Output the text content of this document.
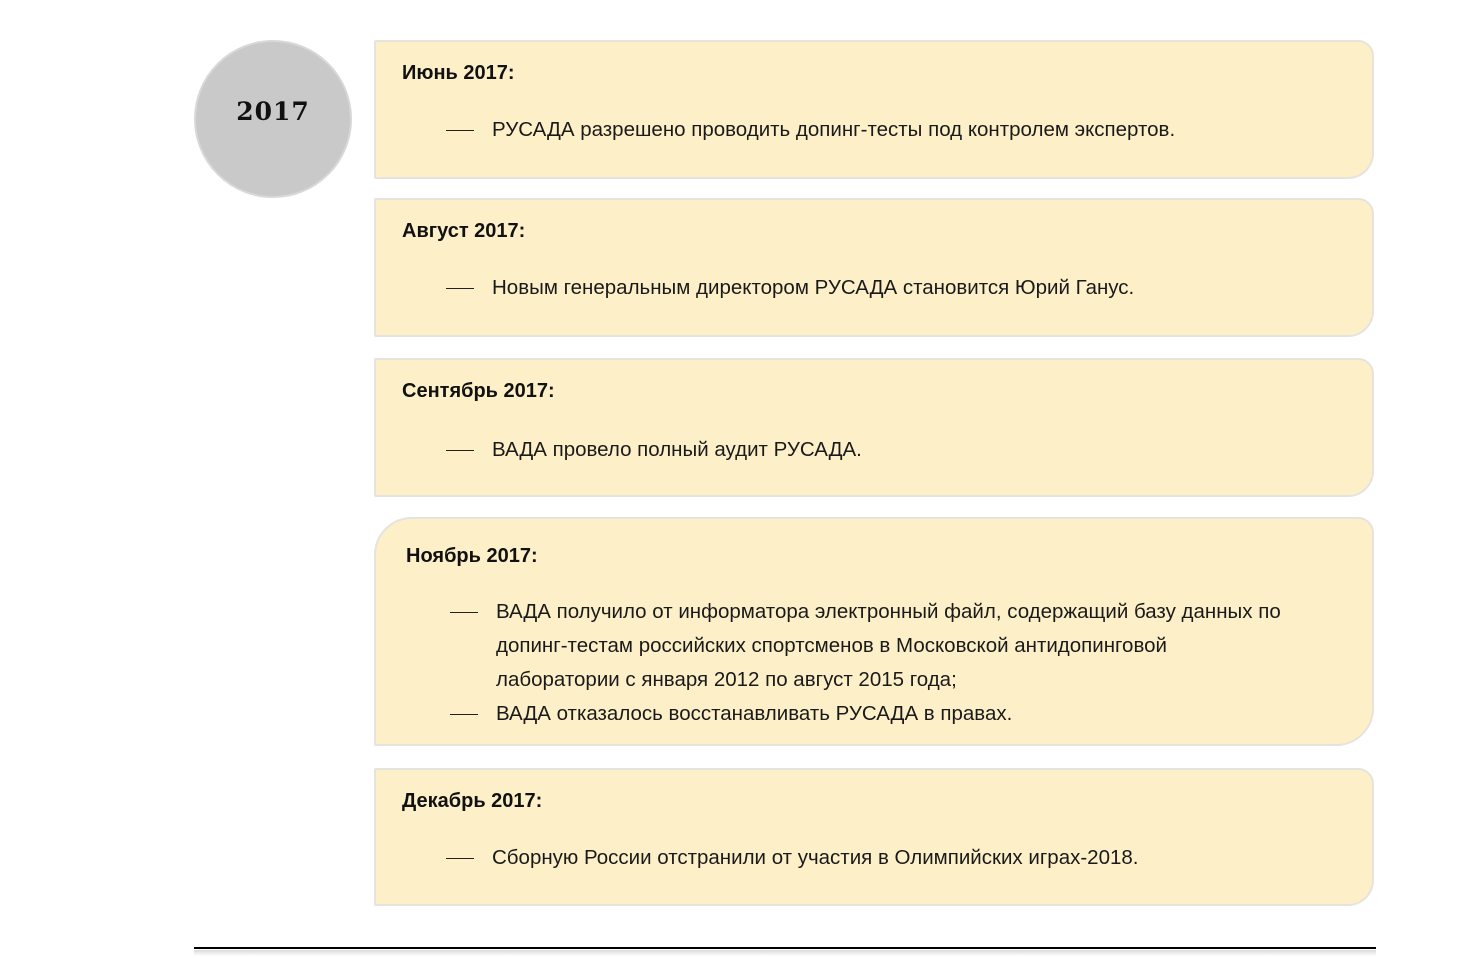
2017
Июнь 2017:
РУСАДА разрешено проводить допинг-тесты под контролем экспертов.
Август 2017:
Новым генеральным директором РУСАДА становится Юрий Ганус.
Сентябрь 2017:
ВАДА провело полный аудит РУСАДА.
Ноябрь 2017:
ВАДА получило от информатора электронный файл, содержащий базу данных по допинг-тестам российских спортсменов в Московской антидопинговой лаборатории с января 2012 по август 2015 года;
ВАДА отказалось восстанавливать РУСАДА в правах.
Декабрь 2017:
Сборную России отстранили от участия в Олимпийских играх-2018.
